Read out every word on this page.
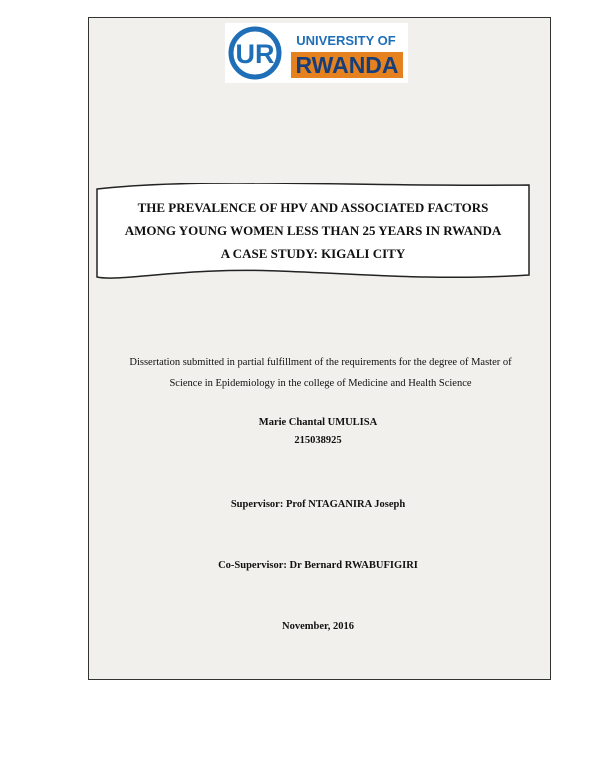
UR UNIVERSITY OF
RWANDA
THE PREVALENCE OF HPV AND ASSOCIATED FACTORS
AMONG YOUNG WOMEN LESS THAN 25 YEARS IN RWANDA
A CASE STUDY: KIGALI CITY
Dissertation submitted in partial fulfillment of the requirements for the degree of Master of
Science in Epidemiology in the college of Medicine and Health Science
Marie Chantal UMULISA
215038925
Supervisor: Prof NTAGANIRA Joseph
Co-Supervisor: Dr Bernard RWABUFIGIRI
November, 2016
